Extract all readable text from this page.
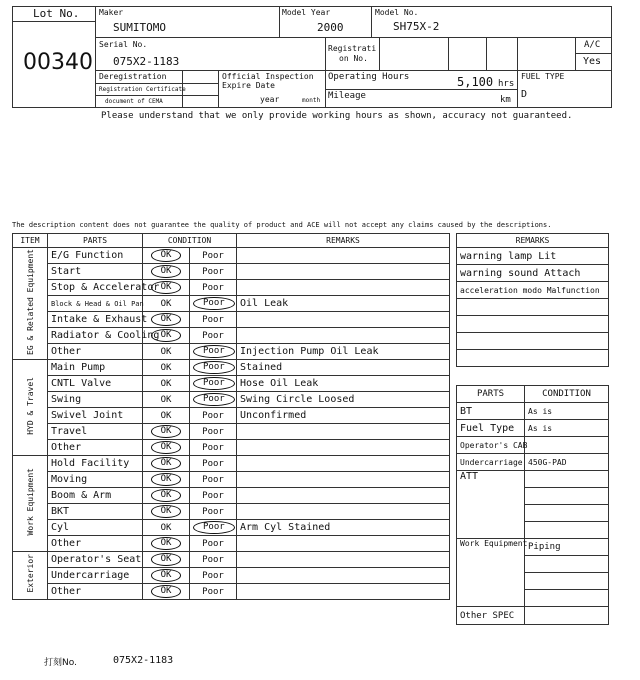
Lot No.
00340
Maker
SUMITOMO
Model Year
2000
Model No.
SH75X-2
Serial No.
075X2-1183
Registrati
on No.
A/C
Yes
Deregistration
Registration Certificate
document of CEMA
Official Inspection
Expire Date
year	month
Operating Hours	5,100 hrs
Mileage	km
FUEL TYPE
D
Please understand that we only provide working hours as shown, accuracy not guaranteed.
The description content does not guarantee the quality of product and ACE will not accept any claims caused by the descriptions.
ITEM	PARTS	CONDITION		REMARKS
EG & Related Equipment	E/G Function	OK	Poor	
	Start	OK	Poor	
	Stop & Accelerator	OK	Poor	
	Block & Head & Oil Pan	OK	Poor	Oil Leak
	Intake & Exhaust	OK	Poor	
	Radiator & Cooling	OK	Poor	
	Other	OK	Poor	Injection Pump Oil Leak
HYD & Travel	Main Pump	OK	Poor	Stained
	CNTL Valve	OK	Poor	Hose Oil Leak
	Swing	OK	Poor	Swing Circle Loosed
	Swivel Joint	OK	Poor	Unconfirmed
	Travel	OK	Poor	
	Other	OK	Poor	
Work Equipment	Hold Facility	OK	Poor	
	Moving	OK	Poor	
	Boom & Arm	OK	Poor	
	BKT	OK	Poor	
	Cyl	OK	Poor	Arm Cyl Stained
	Other	OK	Poor	
Exterior	Operator's Seat	OK	Poor	
	Undercarriage	OK	Poor	
	Other	OK	Poor	
REMARKS
warning lamp Lit
warning sound Attach
acceleration modo Malfunction

PARTS	CONDITION
BT	As is
Fuel Type	As is
Operator's CAB	
Undercarriage	450G-PAD
ATT	

Work Equipment	Piping

Other SPEC	
打刻No.	075X2-1183
